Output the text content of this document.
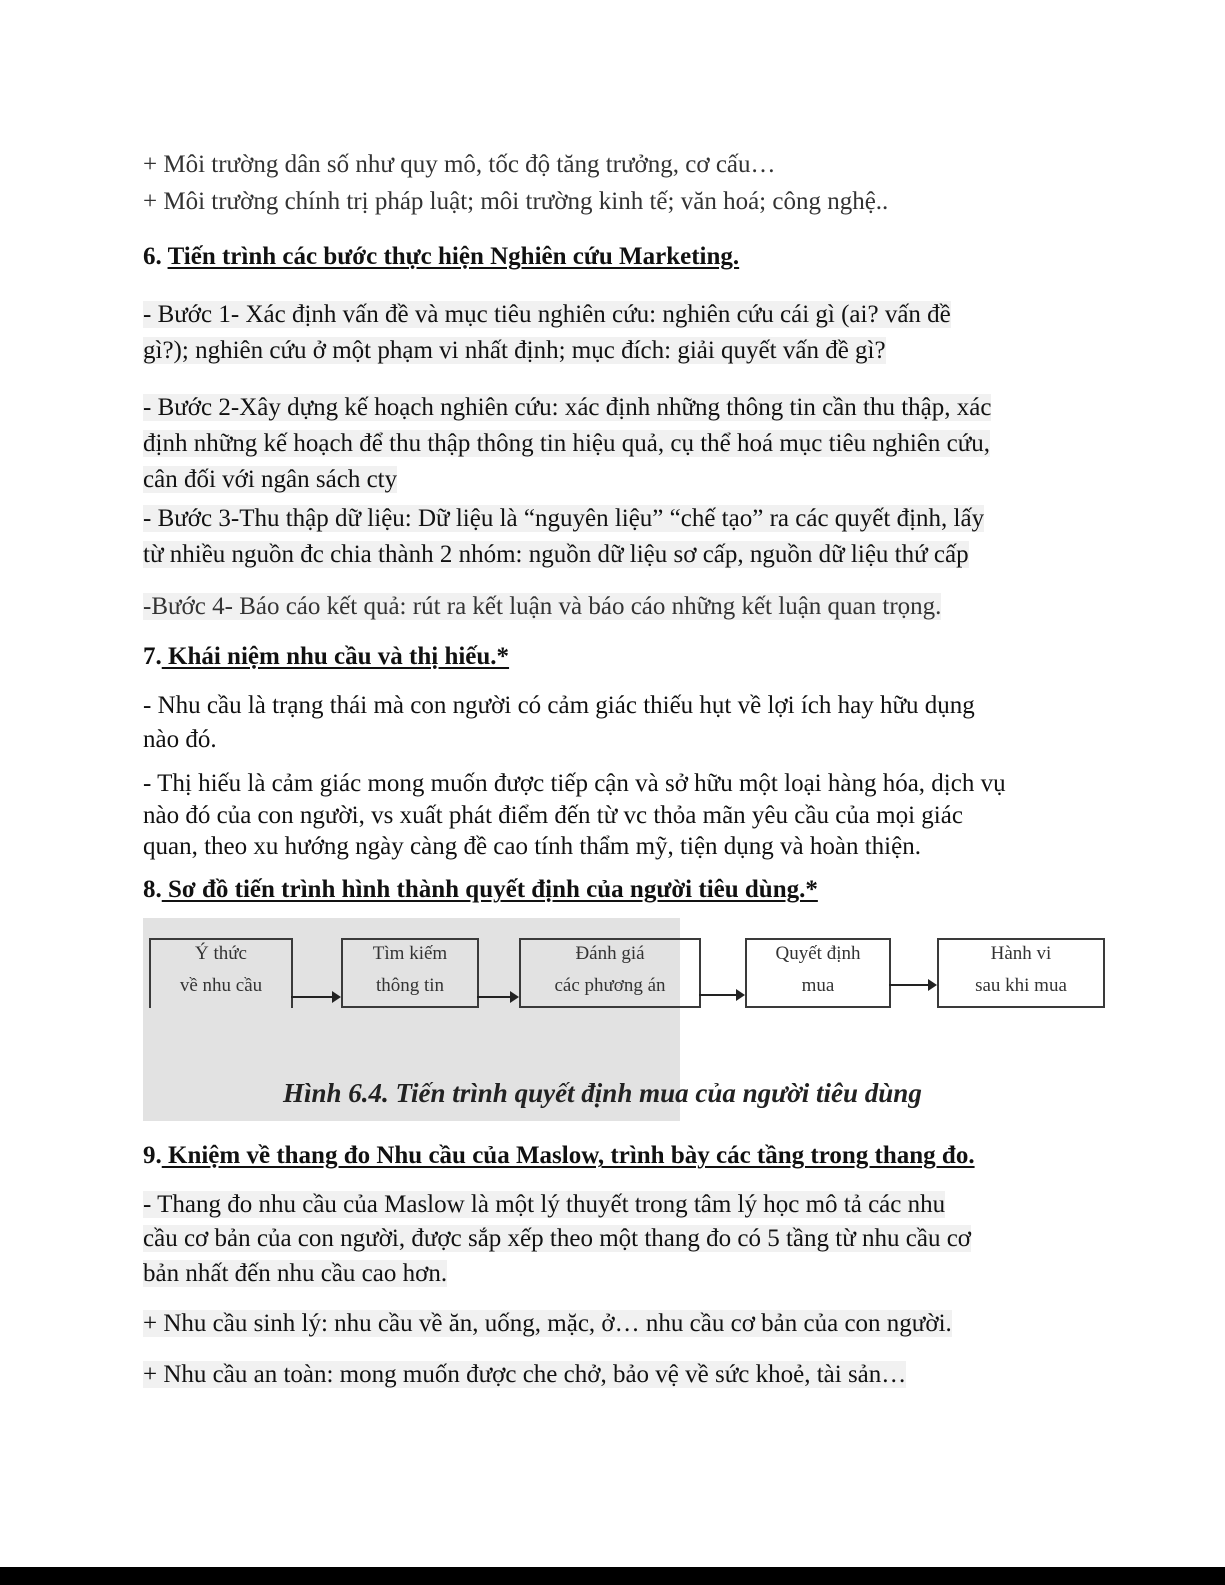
+ Môi trường dân số như quy mô, tốc độ tăng trưởng, cơ cấu…
+ Môi trường chính trị pháp luật; môi trường kinh tế; văn hoá; công nghệ..
6. Tiến trình các bước thực hiện Nghiên cứu Marketing.
- Bước 1- Xác định vấn đề và mục tiêu nghiên cứu: nghiên cứu cái gì (ai? vấn đề
gì?); nghiên cứu ở một phạm vi nhất định; mục đích: giải quyết vấn đề gì?
- Bước 2-Xây dựng kế hoạch nghiên cứu: xác định những thông tin cần thu thập, xác
định những kế hoạch để thu thập thông tin hiệu quả, cụ thể hoá mục tiêu nghiên cứu,
cân đối với ngân sách cty
- Bước 3-Thu thập dữ liệu: Dữ liệu là “nguyên liệu” “chế tạo” ra các quyết định, lấy
từ nhiều nguồn đc chia thành 2 nhóm: nguồn dữ liệu sơ cấp, nguồn dữ liệu thứ cấp
-Bước 4- Báo cáo kết quả: rút ra kết luận và báo cáo những kết luận quan trọng.
7. Khái niệm nhu cầu và thị hiếu.*
- Nhu cầu là trạng thái mà con người có cảm giác thiếu hụt về lợi ích hay hữu dụng
nào đó.
- Thị hiếu là cảm giác mong muốn được tiếp cận và sở hữu một loại hàng hóa, dịch vụ
nào đó của con người, vs xuất phát điểm đến từ vc thỏa mãn yêu cầu của mọi giác
quan, theo xu hướng ngày càng đề cao tính thẩm mỹ, tiện dụng và hoàn thiện.
8. Sơ đồ tiến trình hình thành quyết định của người tiêu dùng.*
Ý thức
về nhu cầu
Tìm kiếm
thông tin
Đánh giá
các phương án
Quyết định
mua
Hành vi
sau khi mua
Hình 6.4. Tiến trình quyết định mua của người tiêu dùng
9. Kniệm về thang đo Nhu cầu của Maslow, trình bày các tầng trong thang đo.
- Thang đo nhu cầu của Maslow là một lý thuyết trong tâm lý học mô tả các nhu
cầu cơ bản của con người, được sắp xếp theo một thang đo có 5 tầng từ nhu cầu cơ
bản nhất đến nhu cầu cao hơn.
+ Nhu cầu sinh lý: nhu cầu về ăn, uống, mặc, ở… nhu cầu cơ bản của con người.
+ Nhu cầu an toàn: mong muốn được che chở, bảo vệ về sức khoẻ, tài sản…
